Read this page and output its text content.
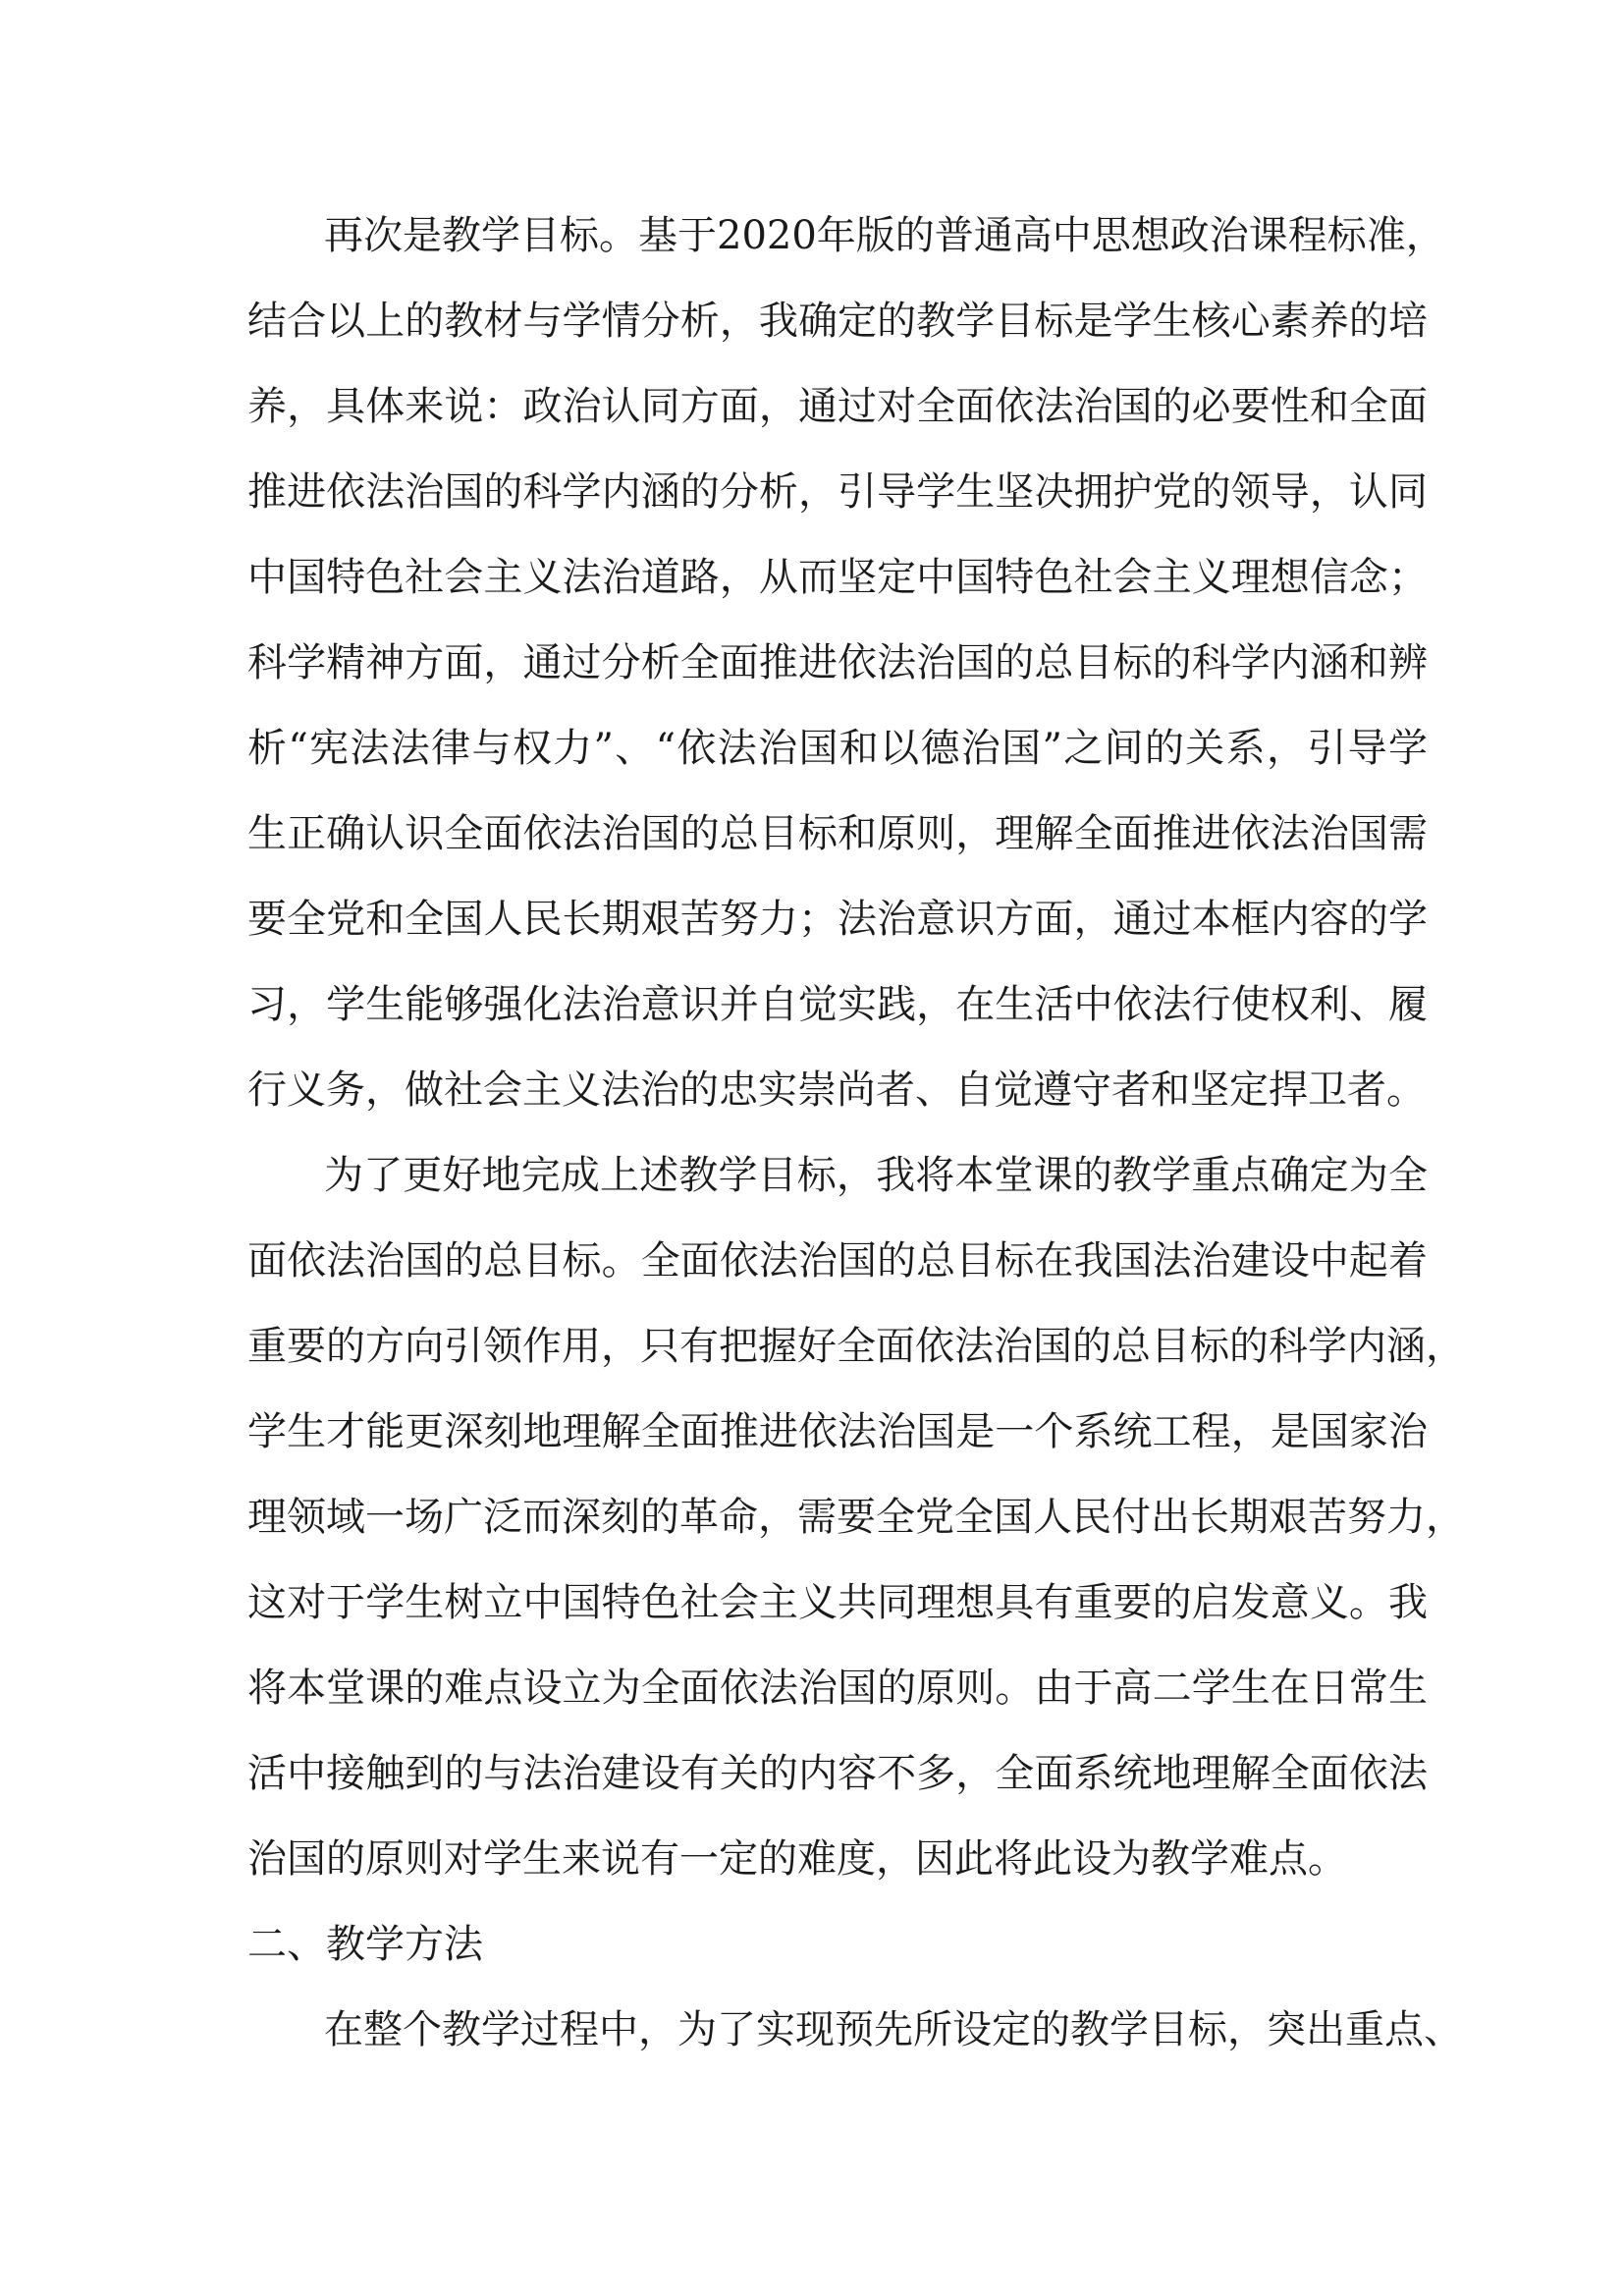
再次是教学目标。基于2020年版的普通高中思想政治课程标准，
结合以上的教材与学情分析，我确定的教学目标是学生核心素养的培
养，具体来说：政治认同方面，通过对全面依法治国的必要性和全面
推进依法治国的科学内涵的分析，引导学生坚决拥护党的领导，认同
中国特色社会主义法治道路，从而坚定中国特色社会主义理想信念；
科学精神方面，通过分析全面推进依法治国的总目标的科学内涵和辨
析“宪法法律与权力”、“依法治国和以德治国”之间的关系，引导学
生正确认识全面依法治国的总目标和原则，理解全面推进依法治国需
要全党和全国人民长期艰苦努力；法治意识方面，通过本框内容的学
习，学生能够强化法治意识并自觉实践，在生活中依法行使权利、履
行义务，做社会主义法治的忠实崇尚者、自觉遵守者和坚定捍卫者。
为了更好地完成上述教学目标，我将本堂课的教学重点确定为全
面依法治国的总目标。全面依法治国的总目标在我国法治建设中起着
重要的方向引领作用，只有把握好全面依法治国的总目标的科学内涵，
学生才能更深刻地理解全面推进依法治国是一个系统工程，是国家治
理领域一场广泛而深刻的革命，需要全党全国人民付出长期艰苦努力，
这对于学生树立中国特色社会主义共同理想具有重要的启发意义。我
将本堂课的难点设立为全面依法治国的原则。由于高二学生在日常生
活中接触到的与法治建设有关的内容不多，全面系统地理解全面依法
治国的原则对学生来说有一定的难度，因此将此设为教学难点。
二、教学方法
在整个教学过程中，为了实现预先所设定的教学目标，突出重点、
